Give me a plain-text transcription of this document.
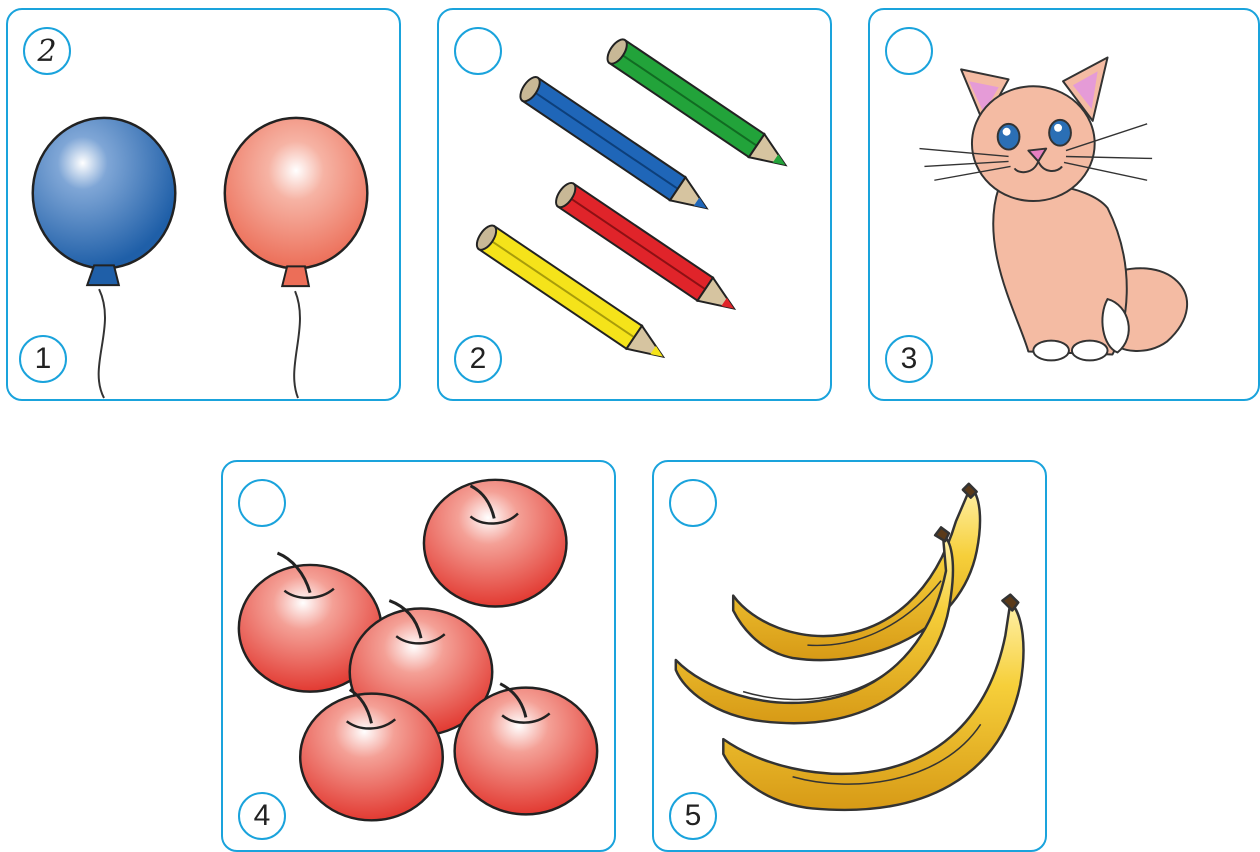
2
1	2	3
4	5
